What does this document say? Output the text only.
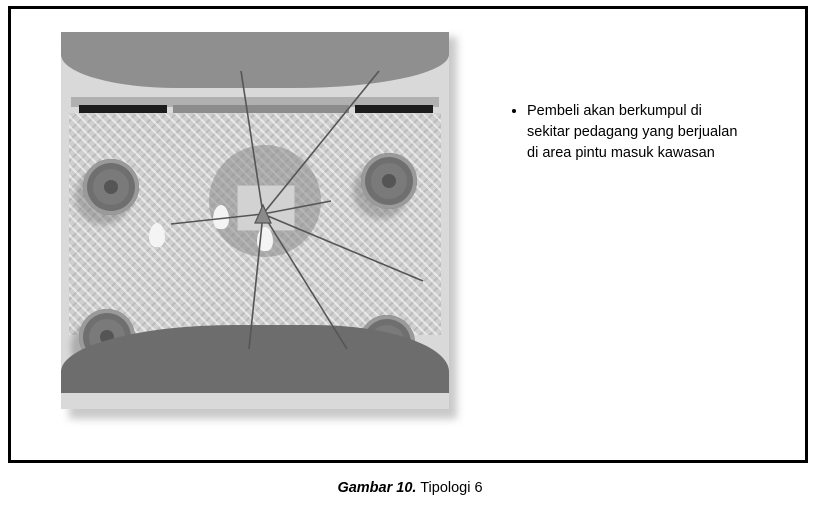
• Pembeli akan berkumpul di sekitar pedagang yang berjualan di area pintu masuk kawasan
Gambar 10. Tipologi 6
